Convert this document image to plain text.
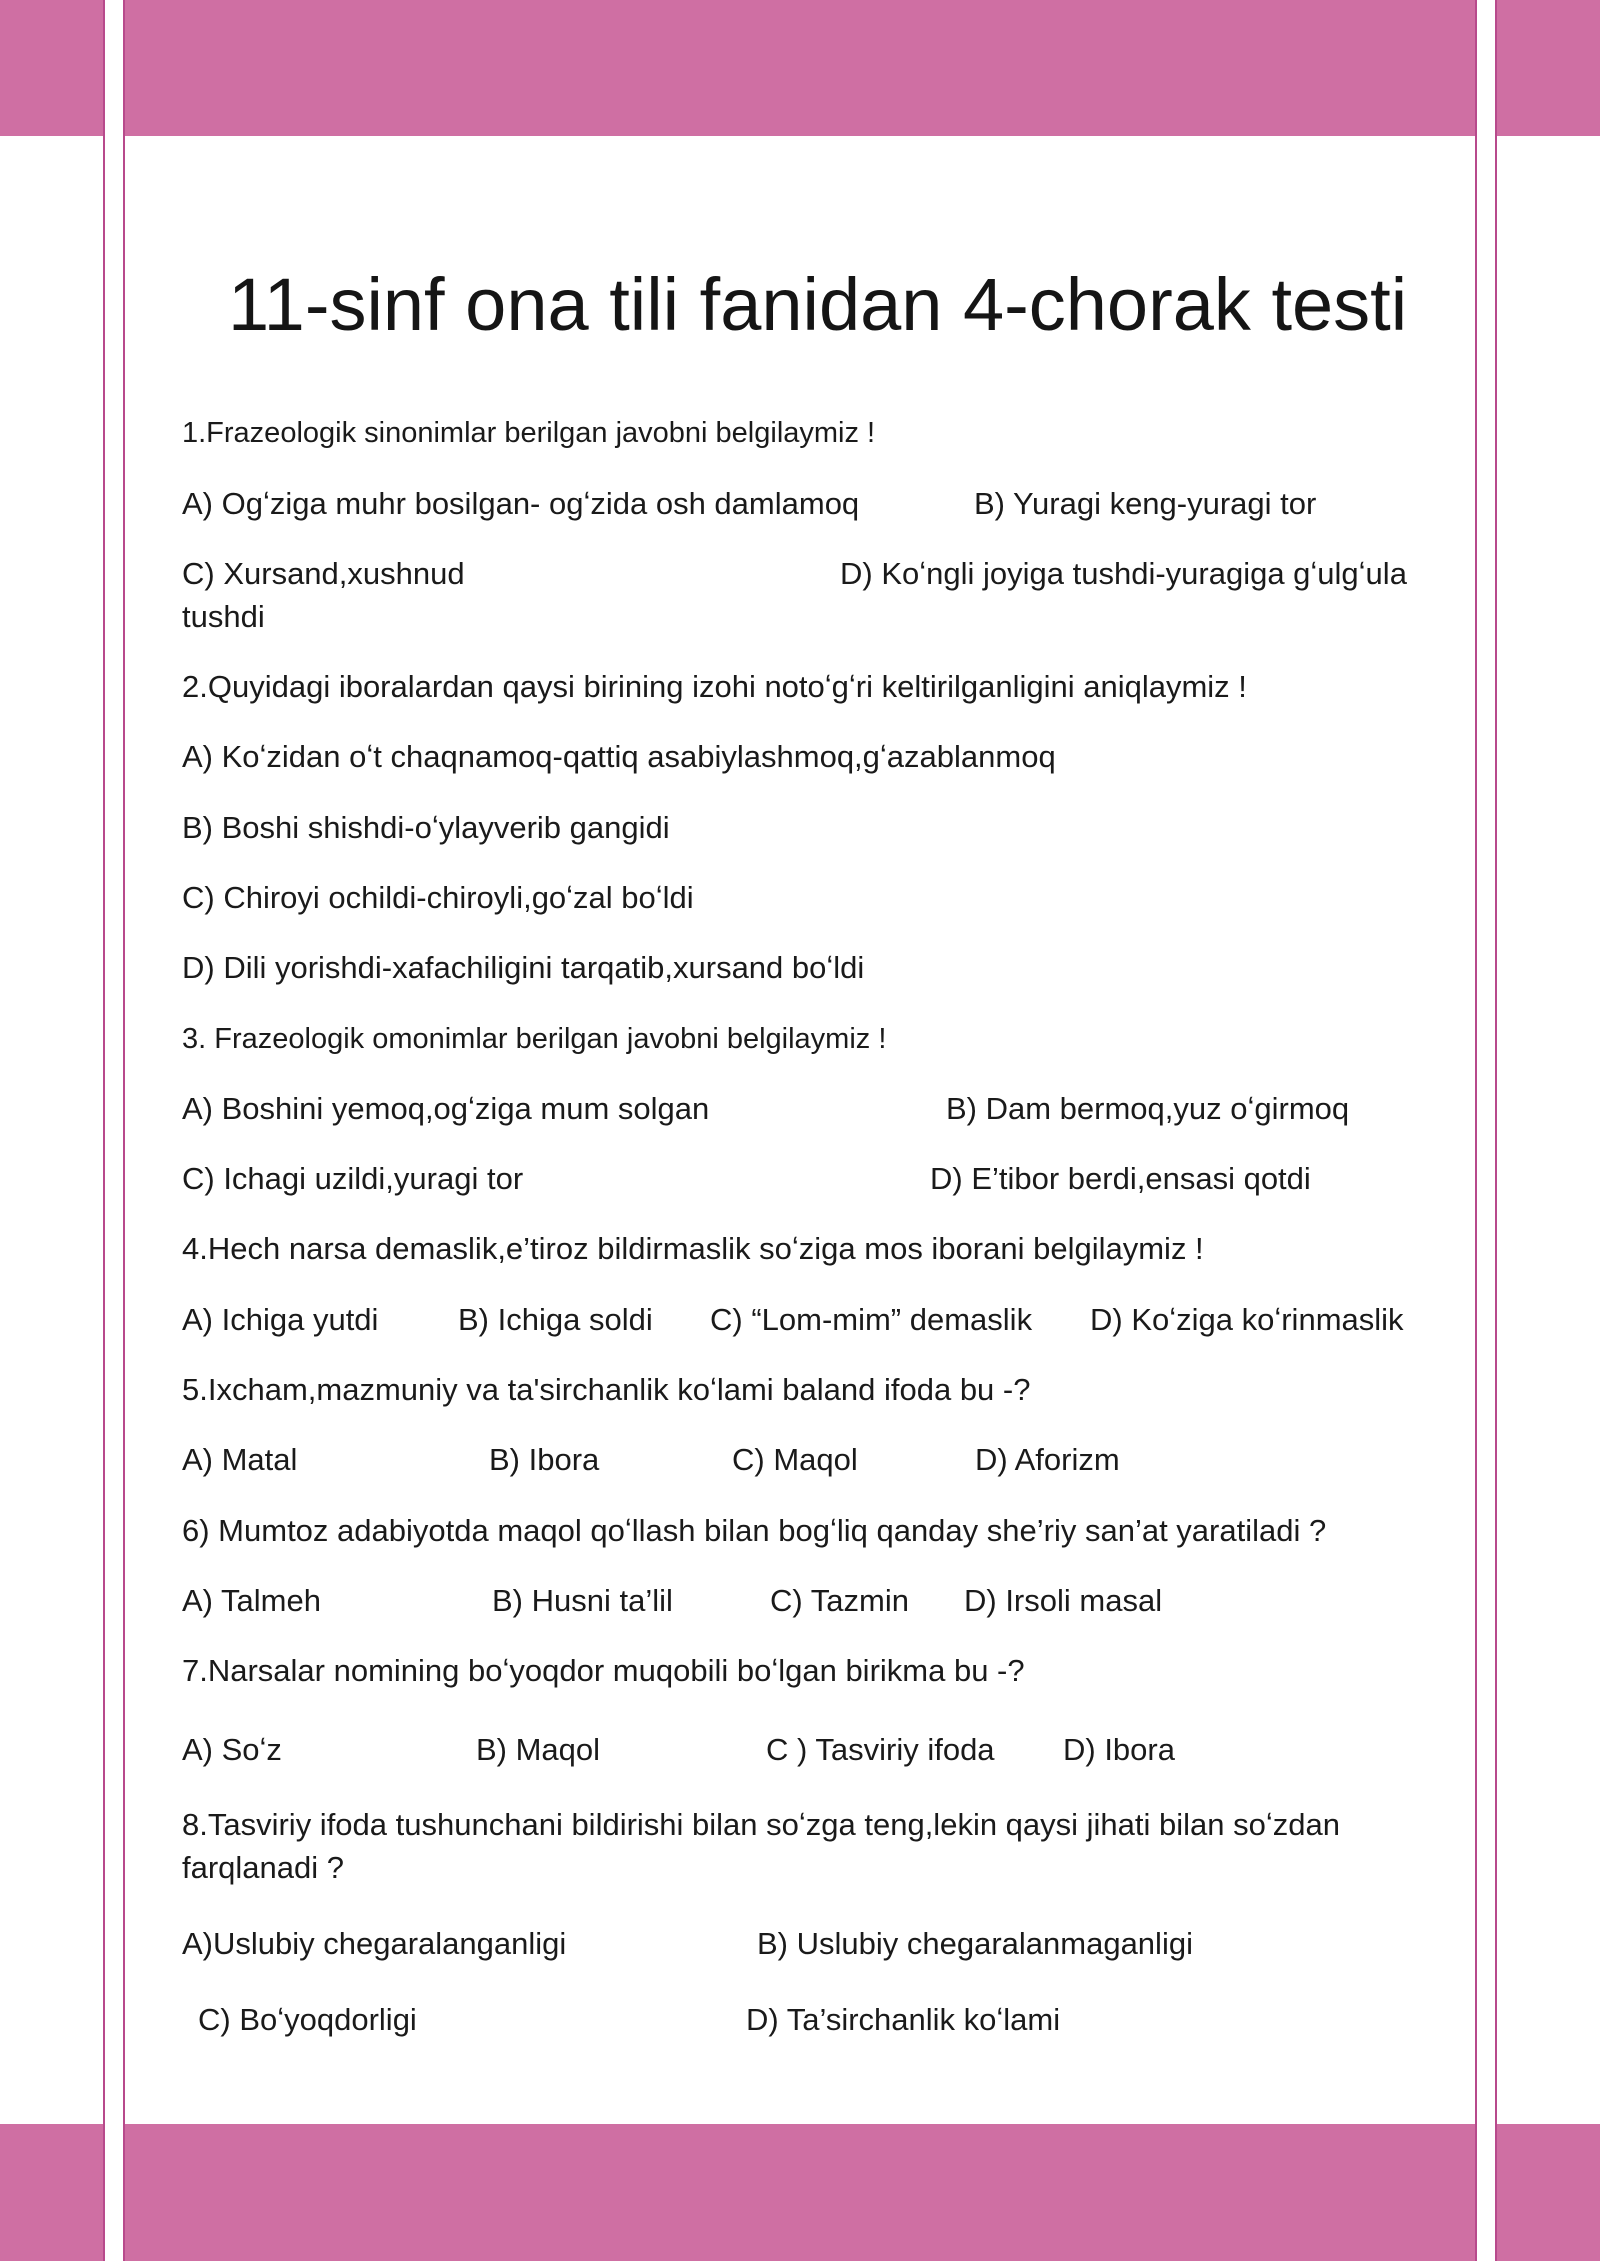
11-sinf ona tili fanidan 4-chorak testi
1.Frazeologik sinonimlar berilgan javobni belgilaymiz !
A) Ogʻziga muhr bosilgan- ogʻzida osh damlamoq	B) Yuragi keng-yuragi tor
C) Xursand,xushnud	D) Koʻngli joyiga tushdi-yuragiga gʻulgʻula
tushdi
2.Quyidagi iboralardan qaysi birining izohi notoʻgʻri keltirilganligini aniqlaymiz !
A) Koʻzidan oʻt chaqnamoq-qattiq asabiylashmoq,gʻazablanmoq
B) Boshi shishdi-oʻylayverib gangidi
C) Chiroyi ochildi-chiroyli,goʻzal boʻldi
D) Dili yorishdi-xafachiligini tarqatib,xursand boʻldi
3. Frazeologik omonimlar berilgan javobni belgilaymiz !
A) Boshini yemoq,ogʻziga mum solgan	B) Dam bermoq,yuz oʻgirmoq
C) Ichagi uzildi,yuragi tor	D) E’tibor berdi,ensasi qotdi
4.Hech narsa demaslik,e’tiroz bildirmaslik soʻziga mos iborani belgilaymiz !
A) Ichiga yutdi	B) Ichiga soldi C) “Lom-mim” demaslik D) Koʻziga koʻrinmaslik
5.Ixcham,mazmuniy va ta'sirchanlik koʻlami baland ifoda bu -?
A) Matal	B) Ibora	C) Maqol	D) Aforizm
6) Mumtoz adabiyotda maqol qoʻllash bilan bogʻliq qanday she’riy san’at yaratiladi ?
A) Talmeh	B) Husni ta’lil	C) Tazmin D) Irsoli masal
7.Narsalar nomining boʻyoqdor muqobili boʻlgan birikma bu -?
A) Soʻz	B) Maqol	C ) Tasviriy ifoda D) Ibora
8.Tasviriy ifoda tushunchani bildirishi bilan soʻzga teng,lekin qaysi jihati bilan soʻzdan
farqlanadi ?
A)Uslubiy chegaralanganligi	B) Uslubiy chegaralanmaganligi
C) Boʻyoqdorligi	D) Ta’sirchanlik koʻlami
